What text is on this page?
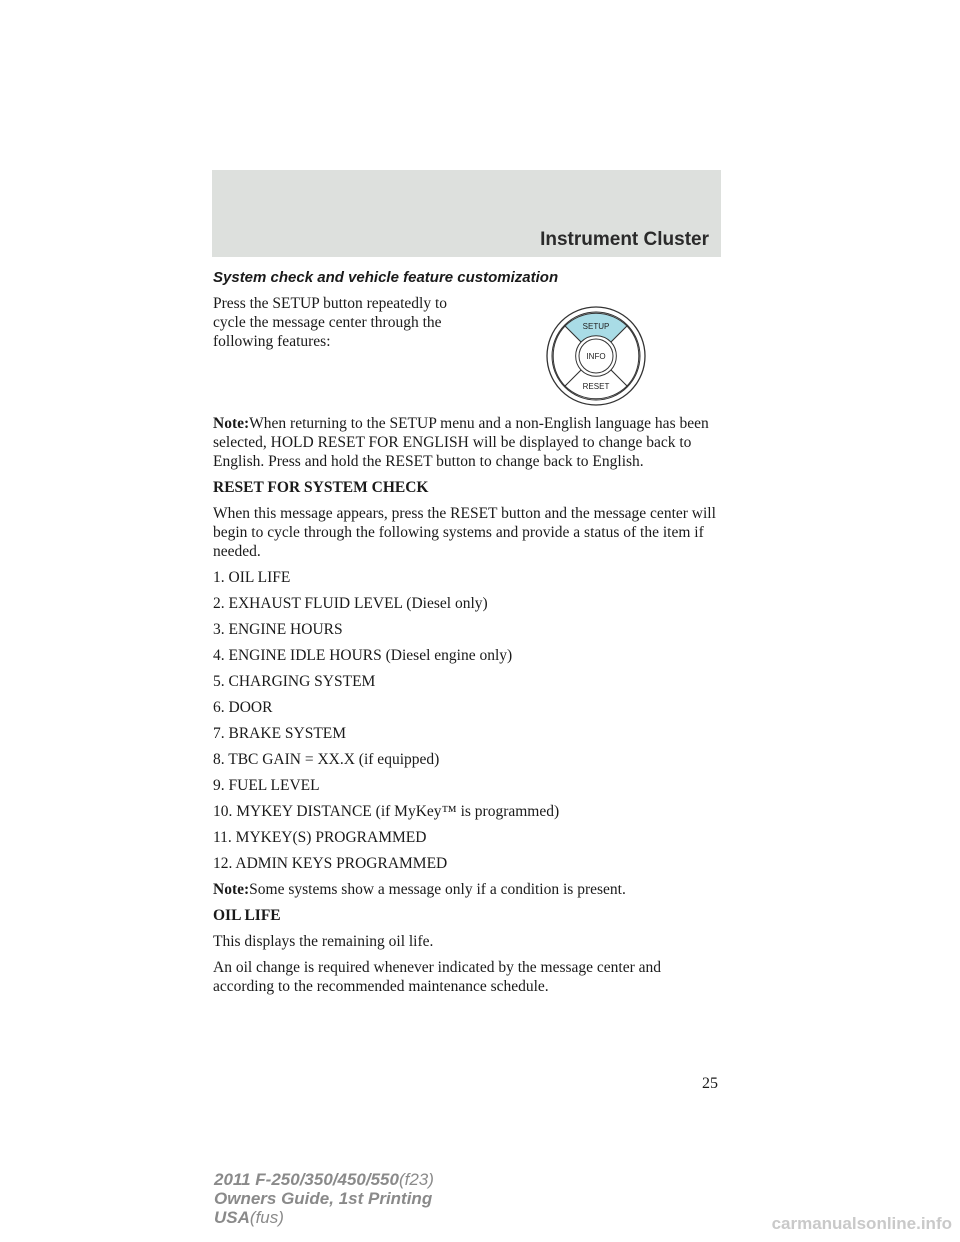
Instrument Cluster
System check and vehicle feature customization

Press the SETUP button repeatedly to cycle the message center through the following features:

Note:When returning to the SETUP menu and a non-English language has been selected, HOLD RESET FOR ENGLISH will be displayed to change back to English. Press and hold the RESET button to change back to English.

RESET FOR SYSTEM CHECK

When this message appears, press the RESET button and the message center will begin to cycle through the following systems and provide a status of the item if needed.

1. OIL LIFE

2. EXHAUST FLUID LEVEL (Diesel only)

3. ENGINE HOURS

4. ENGINE IDLE HOURS (Diesel engine only)

5. CHARGING SYSTEM

6. DOOR

7. BRAKE SYSTEM

8. TBC GAIN = XX.X (if equipped)

9. FUEL LEVEL

10. MYKEY DISTANCE (if MyKey™ is programmed)

11. MYKEY(S) PROGRAMMED

12. ADMIN KEYS PROGRAMMED

Note:Some systems show a message only if a condition is present.

OIL LIFE

This displays the remaining oil life.

An oil change is required whenever indicated by the message center and according to the recommended maintenance schedule.

SETUP
INFO
RESET
25
2011 F-250/350/450/550(f23)
Owners Guide, 1st Printing
USA(fus)	carmanualsonline.info
